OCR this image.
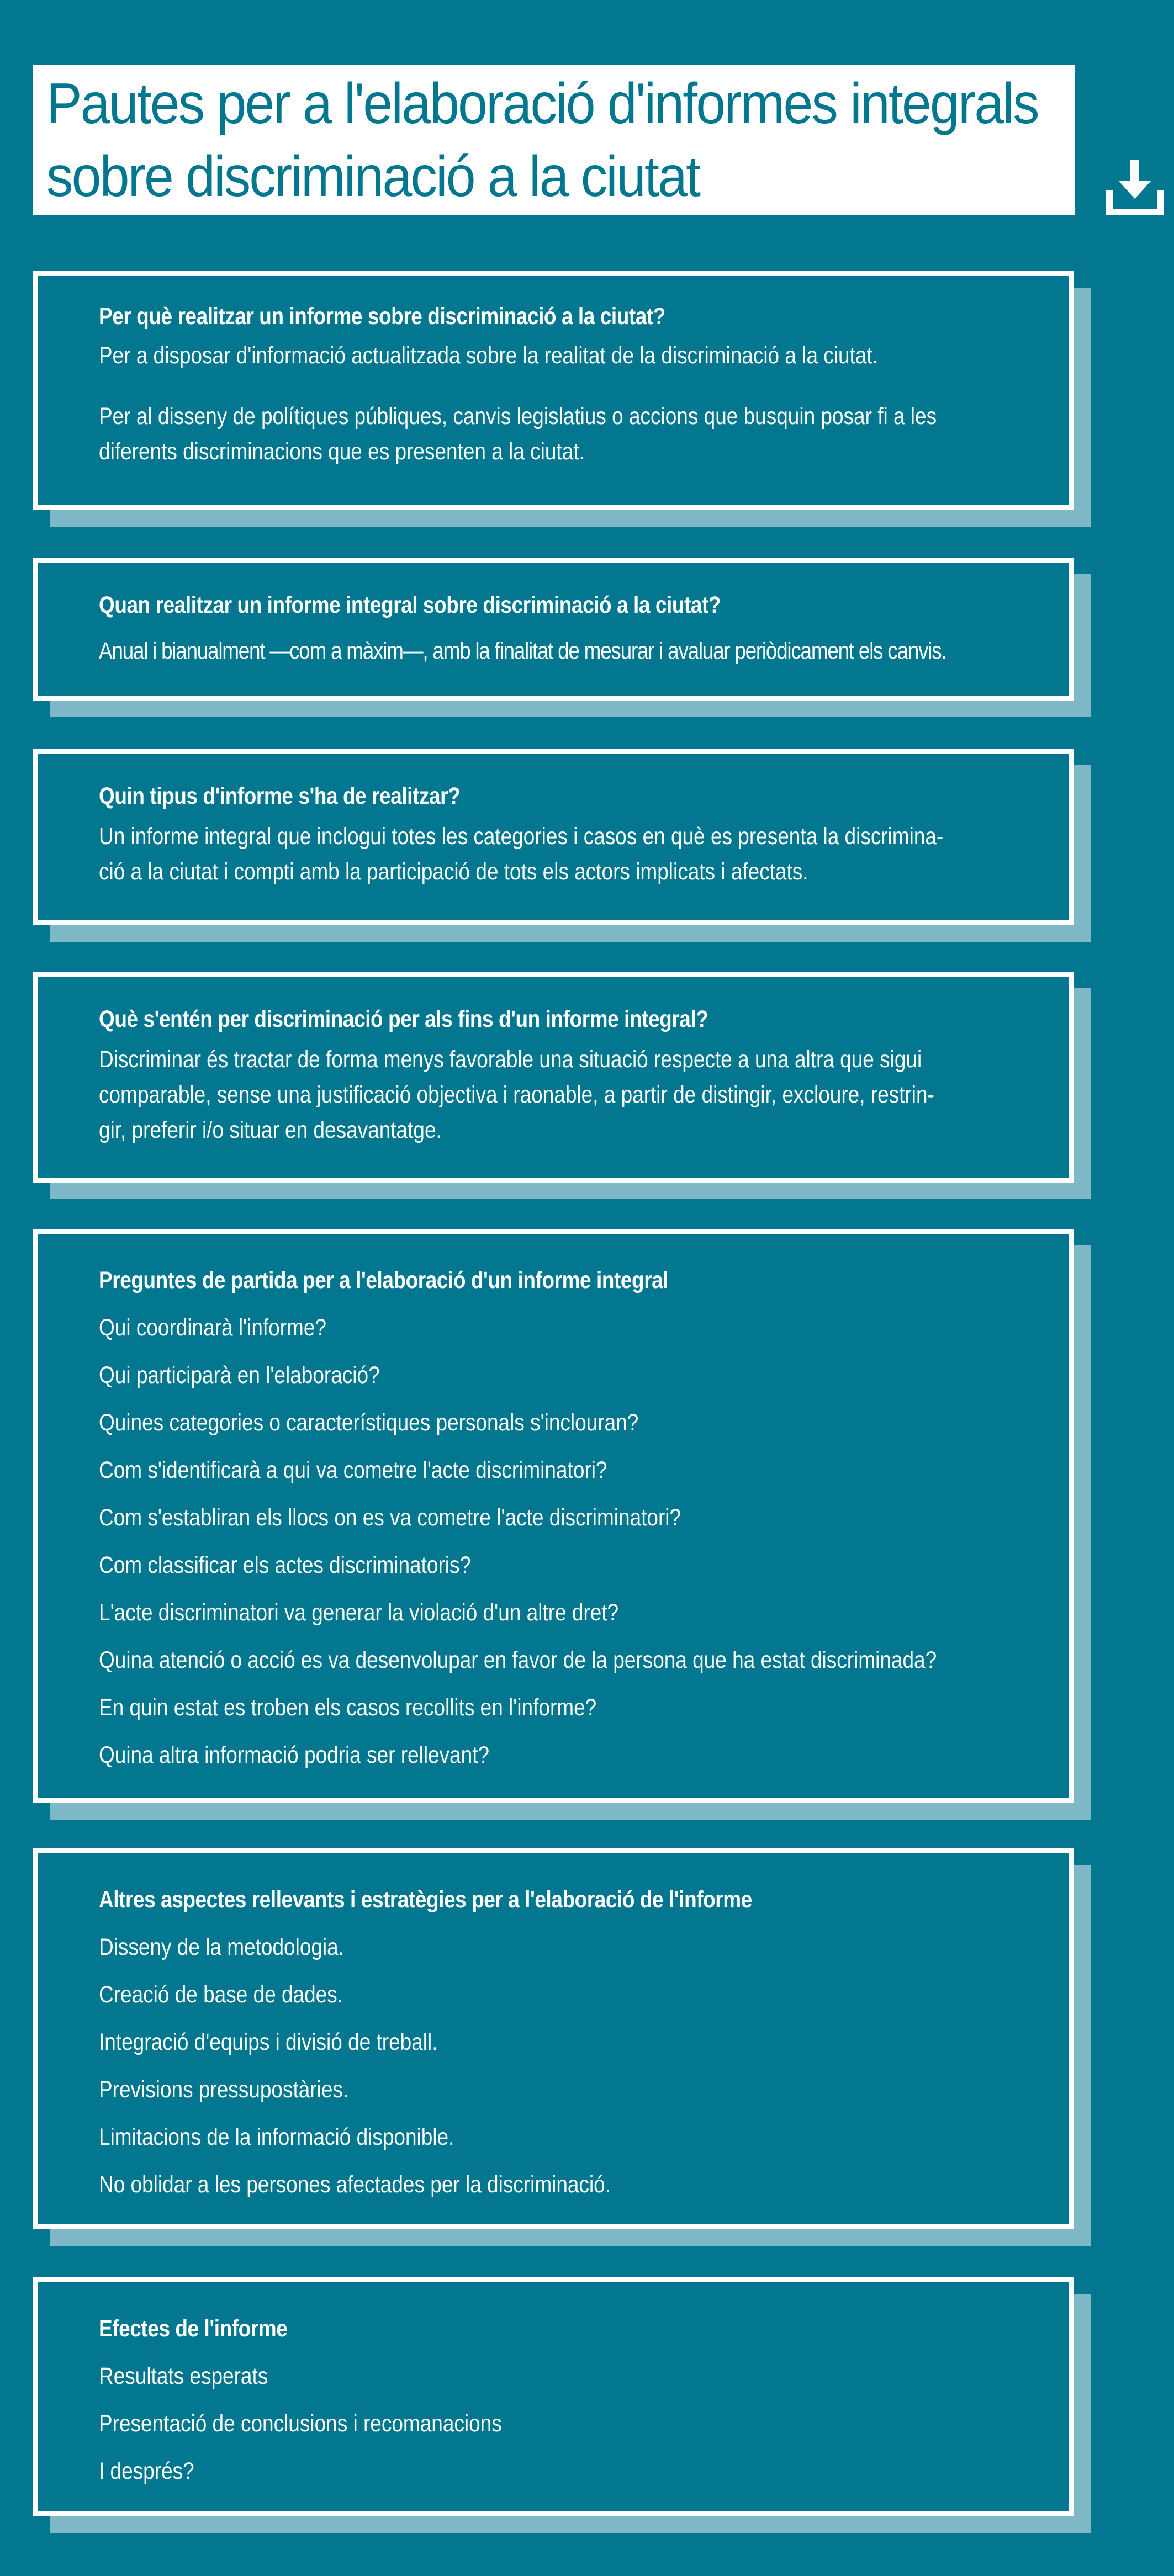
Pautes per a l'elaboració d'informes integrals
sobre discriminació a la ciutat
Per què realitzar un informe sobre discriminació a la ciutat?

Per a disposar d'informació actualitzada sobre la realitat de la discriminació a la ciutat.

Per al disseny de polítiques públiques, canvis legislatius o accions que busquin posar fi a les

diferents discriminacions que es presenten a la ciutat.

Quan realitzar un informe integral sobre discriminació a la ciutat?

Anual i bianualment —com a màxim—, amb la finalitat de mesurar i avaluar periòdicament els canvis.

Quin tipus d'informe s'ha de realitzar?

Un informe integral que inclogui totes les categories i casos en què es presenta la discrimina-

ció a la ciutat i compti amb la participació de tots els actors implicats i afectats.

Què s'entén per discriminació per als fins d'un informe integral?

Discriminar és tractar de forma menys favorable una situació respecte a una altra que sigui

comparable, sense una justificació objectiva i raonable, a partir de distingir, excloure, restrin-

gir, preferir i/o situar en desavantatge.

Preguntes de partida per a l'elaboració d'un informe integral

Qui coordinarà l'informe?

Qui participarà en l'elaboració?

Quines categories o característiques personals s'inclouran?

Com s'identificarà a qui va cometre l'acte discriminatori?

Com s'establiran els llocs on es va cometre l'acte discriminatori?

Com classificar els actes discriminatoris?

L'acte discriminatori va generar la violació d'un altre dret?

Quina atenció o acció es va desenvolupar en favor de la persona que ha estat discriminada?

En quin estat es troben els casos recollits en l'informe?

Quina altra informació podria ser rellevant?

Altres aspectes rellevants i estratègies per a l'elaboració de l'informe

Disseny de la metodologia.

Creació de base de dades.

Integració d'equips i divisió de treball.

Previsions pressupostàries.

Limitacions de la informació disponible.

No oblidar a les persones afectades per la discriminació.

Efectes de l'informe

Resultats esperats

Presentació de conclusions i recomanacions

I després?
